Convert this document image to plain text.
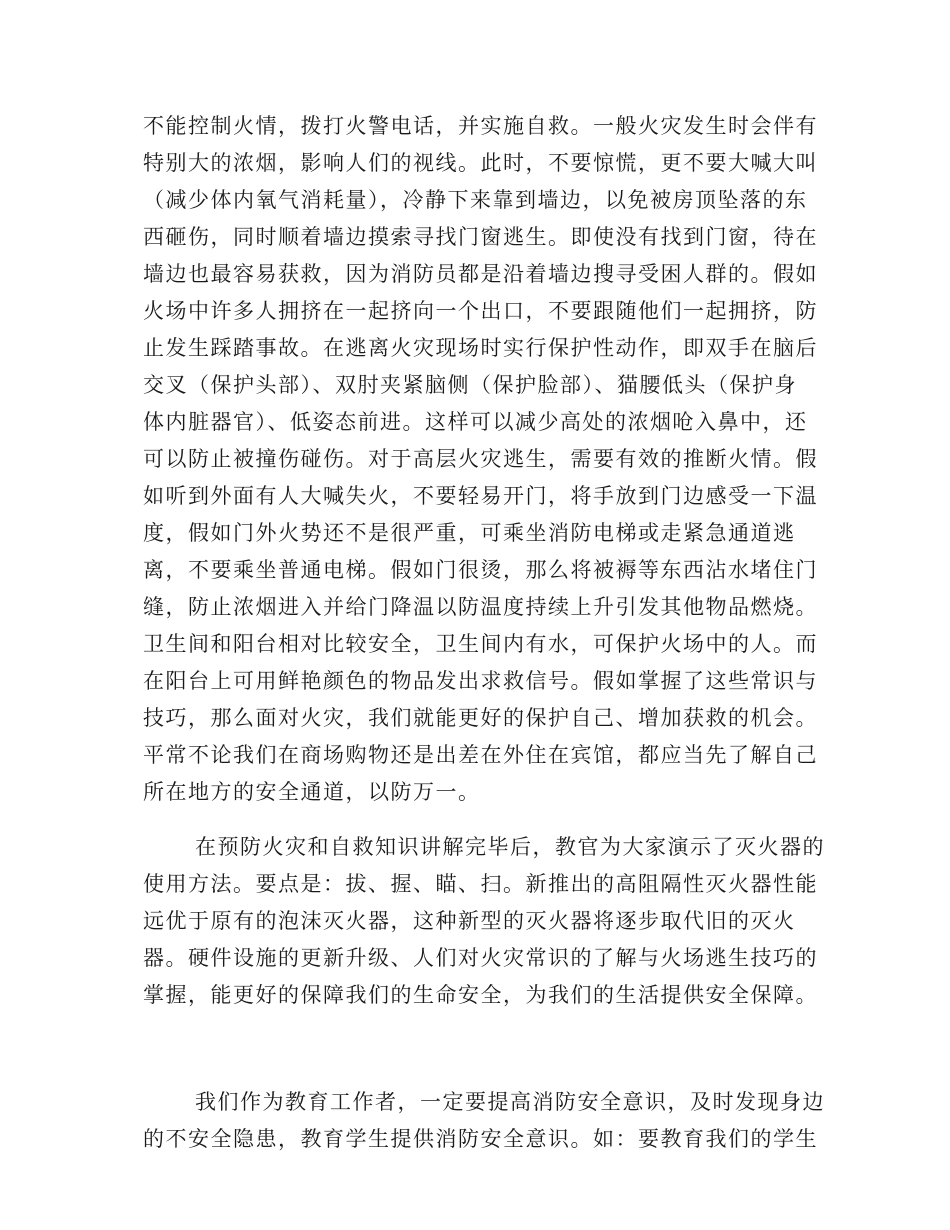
不能控制火情，拨打火警电话，并实施自救。一般火灾发生时会伴有
特别大的浓烟，影响人们的视线。此时，不要惊慌，更不要大喊大叫
（减少体内氧气消耗量），冷静下来靠到墙边，以免被房顶坠落的东
西砸伤，同时顺着墙边摸索寻找门窗逃生。即使没有找到门窗，待在
墙边也最容易获救，因为消防员都是沿着墙边搜寻受困人群的。假如
火场中许多人拥挤在一起挤向一个出口，不要跟随他们一起拥挤，防
止发生踩踏事故。在逃离火灾现场时实行保护性动作，即双手在脑后
交叉（保护头部）、双肘夹紧脑侧（保护脸部）、猫腰低头（保护身
体内脏器官）、低姿态前进。这样可以减少高处的浓烟呛入鼻中，还
可以防止被撞伤碰伤。对于高层火灾逃生，需要有效的推断火情。假
如听到外面有人大喊失火，不要轻易开门，将手放到门边感受一下温
度，假如门外火势还不是很严重，可乘坐消防电梯或走紧急通道逃
离，不要乘坐普通电梯。假如门很烫，那么将被褥等东西沾水堵住门
缝，防止浓烟进入并给门降温以防温度持续上升引发其他物品燃烧。
卫生间和阳台相对比较安全，卫生间内有水，可保护火场中的人。而
在阳台上可用鲜艳颜色的物品发出求救信号。假如掌握了这些常识与
技巧，那么面对火灾，我们就能更好的保护自己、增加获救的机会。
平常不论我们在商场购物还是出差在外住在宾馆，都应当先了解自己
所在地方的安全通道，以防万一。
在预防火灾和自救知识讲解完毕后，教官为大家演示了灭火器的
使用方法。要点是：拔、握、瞄、扫。新推出的高阻隔性灭火器性能
远优于原有的泡沫灭火器，这种新型的灭火器将逐步取代旧的灭火
器。硬件设施的更新升级、人们对火灾常识的了解与火场逃生技巧的
掌握，能更好的保障我们的生命安全，为我们的生活提供安全保障。
我们作为教育工作者，一定要提高消防安全意识，及时发现身边
的不安全隐患，教育学生提供消防安全意识。如：要教育我们的学生
